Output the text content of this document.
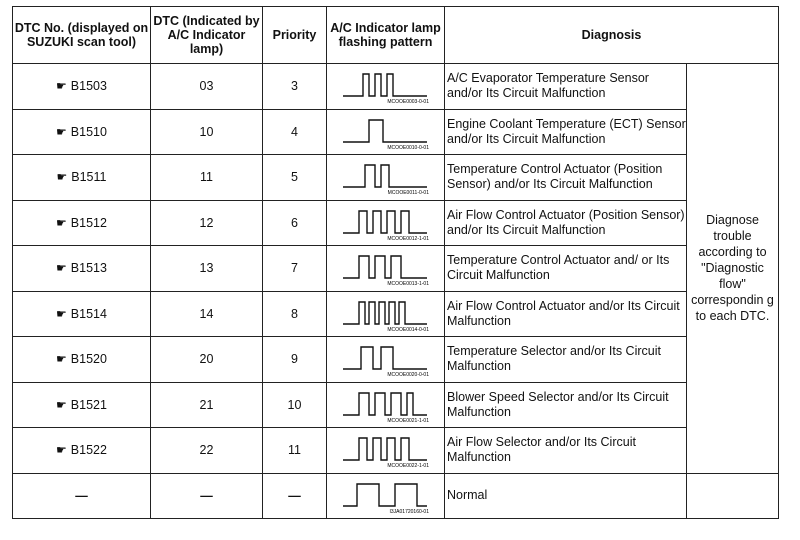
DTC No. (displayed on SUZUKI scan tool)	DTC (Indicated by A/C Indicator lamp)	Priority	A/C Indicator lamp flashing pattern	Diagnosis	
☛ B1503	03	3	MCOOE0003-0-01	A/C Evaporator Temperature Sensor and/or Its Circuit Malfunction	Diagnose trouble according to "Diagnostic flow" correspondin g to each DTC.
☛ B1510	10	4	MCOOE0010-0-01	Engine Coolant Temperature (ECT) Sensor and/or Its Circuit Malfunction	
☛ B1511	11	5	MCOOE0011-0-01	Temperature Control Actuator (Position Sensor) and/or Its Circuit Malfunction	
☛ B1512	12	6	MCOOE0012-1-01	Air Flow Control Actuator (Position Sensor) and/or Its Circuit Malfunction	
☛ B1513	13	7	MCOOE0013-1-01	Temperature Control Actuator and/ or Its Circuit Malfunction	
☛ B1514	14	8	MCOOE0014-0-01	Air Flow Control Actuator and/or Its Circuit Malfunction	
☛ B1520	20	9	MCOOE0020-0-01	Temperature Selector and/or Its Circuit Malfunction	
☛ B1521	21	10	MCOOE0021-1-01	Blower Speed Selector and/or Its Circuit Malfunction	
☛ B1522	22	11	MCOOE0022-1-01	Air Flow Selector and/or Its Circuit Malfunction	
—	—	—	I3JA01720160-01	Normal	
